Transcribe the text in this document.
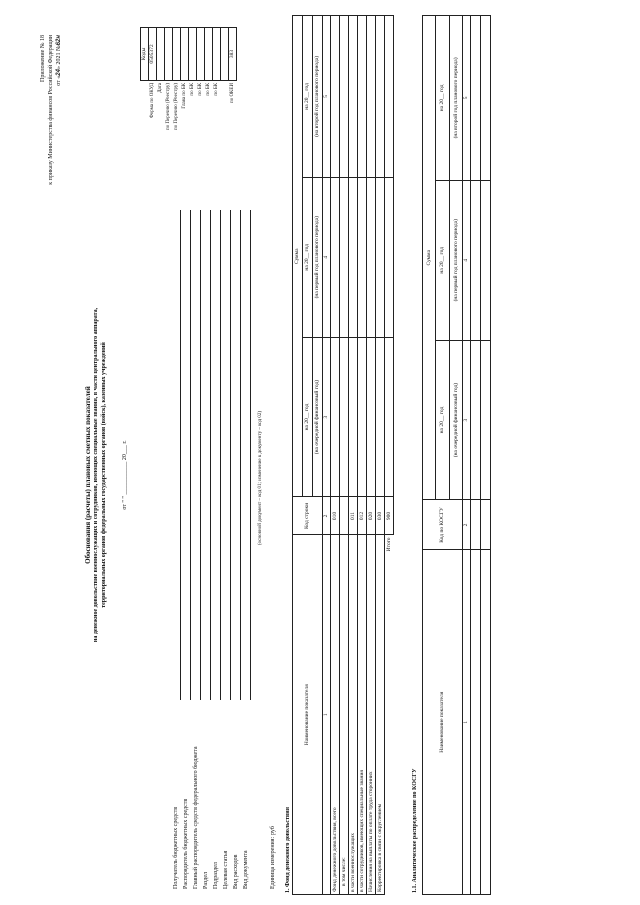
Приложение № 18 к приказу Министерства финансов Российской Федерации от «24» 2021 №62н
Обоснования (расчеты) плановых сметных показателей на денежное довольствие военнослужащих и сотрудников, имеющих специальные звания, в части центрального аппарата, территориальных органов федеральных государственных органов (войск), казенных учреждений	от " " ___________ 20___ г.
	Коды
Форма по ОКУД	0505372
Дата	
по Перечню (Реестру)	
по Перечню (Реестру)	
Глава по БК	
по БК	
по БК	
по БК	
по БК	

по ОКЕИ	383
Получатель бюджетных средств Распорядитель бюджетных средств Главный распорядитель средств федерального бюджета Раздел Подраздел Целевая статья Вид расходов Вид документа
(основной документ – код 01; изменение к документу – код 02)
Единица измерения:
руб 1. Фонд денежного довольствия
Наименование показателя	Код строки	Сумма		
		на 20__ год	на 20__ год	на 20__ год
		(на очередной финансовый год)	(на первый год планового периода)	(на второй год планового периода)
1	2	3	4	5
Фонд денежного довольствия, всего	010			
в том числе:				
в части военнослужащих	011			
в части сотрудников, имеющих специальные звания	012			
Начисления на выплаты по оплате труда сторонних	020			
Корректировка в связи с округлением	030			
Итого	900			
1.1. Аналитическое распределение по КОСГУ
Наименование показателя	Код по КОСГУ	Сумма		
		на 20__ год	на 20__ год	на 20__ год
		(на очередной финансовый год)	(на первый год планового периода)	(на второй год планового периода)
1	2	3	4	5
